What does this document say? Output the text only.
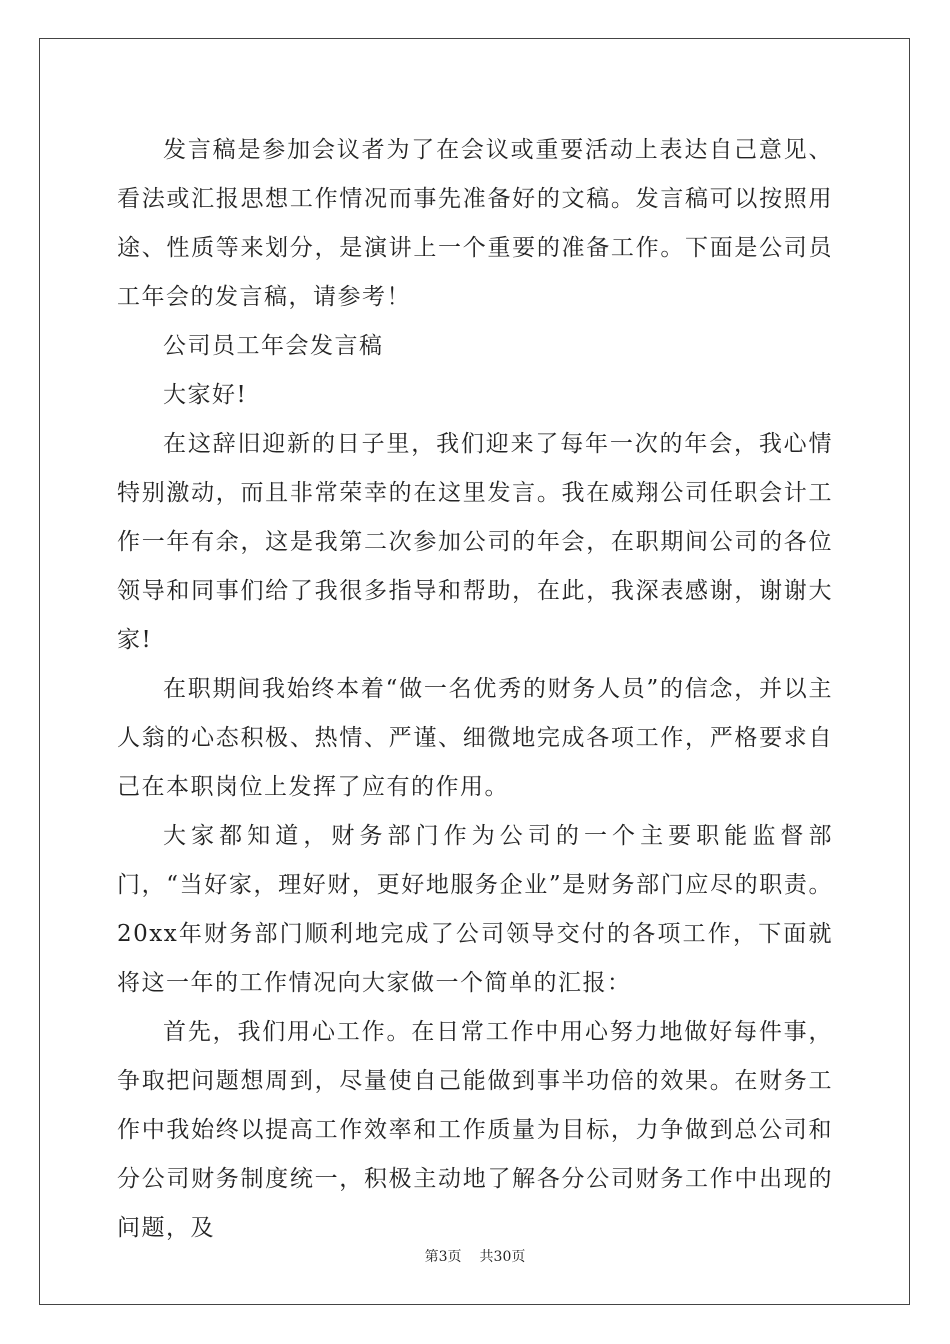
发言稿是参加会议者为了在会议或重要活动上表达自己意见、看法或汇报思想工作情况而事先准备好的文稿。发言稿可以按照用途、性质等来划分，是演讲上一个重要的准备工作。下面是公司员工年会的发言稿，请参考！

公司员工年会发言稿

大家好!

在这辞旧迎新的日子里，我们迎来了每年一次的年会，我心情特别激动，而且非常荣幸的在这里发言。我在威翔公司任职会计工作一年有余，这是我第二次参加公司的年会，在职期间公司的各位领导和同事们给了我很多指导和帮助，在此，我深表感谢，谢谢大家!

在职期间我始终本着“做一名优秀的财务人员”的信念，并以主人翁的心态积极、热情、严谨、细微地完成各项工作，严格要求自己在本职岗位上发挥了应有的作用。

大家都知道，财务部门作为公司的一个主要职能监督部门，“当好家，理好财，更好地服务企业”是财务部门应尽的职责。20xx年财务部门顺利地完成了公司领导交付的各项工作，下面就将这一年的工作情况向大家做一个简单的汇报：

首先，我们用心工作。在日常工作中用心努力地做好每件事，争取把问题想周到，尽量使自己能做到事半功倍的效果。在财务工作中我始终以提高工作效率和工作质量为目标，力争做到总公司和分公司财务制度统一，积极主动地了解各分公司财务工作中出现的问题，及

第3页 共30页
